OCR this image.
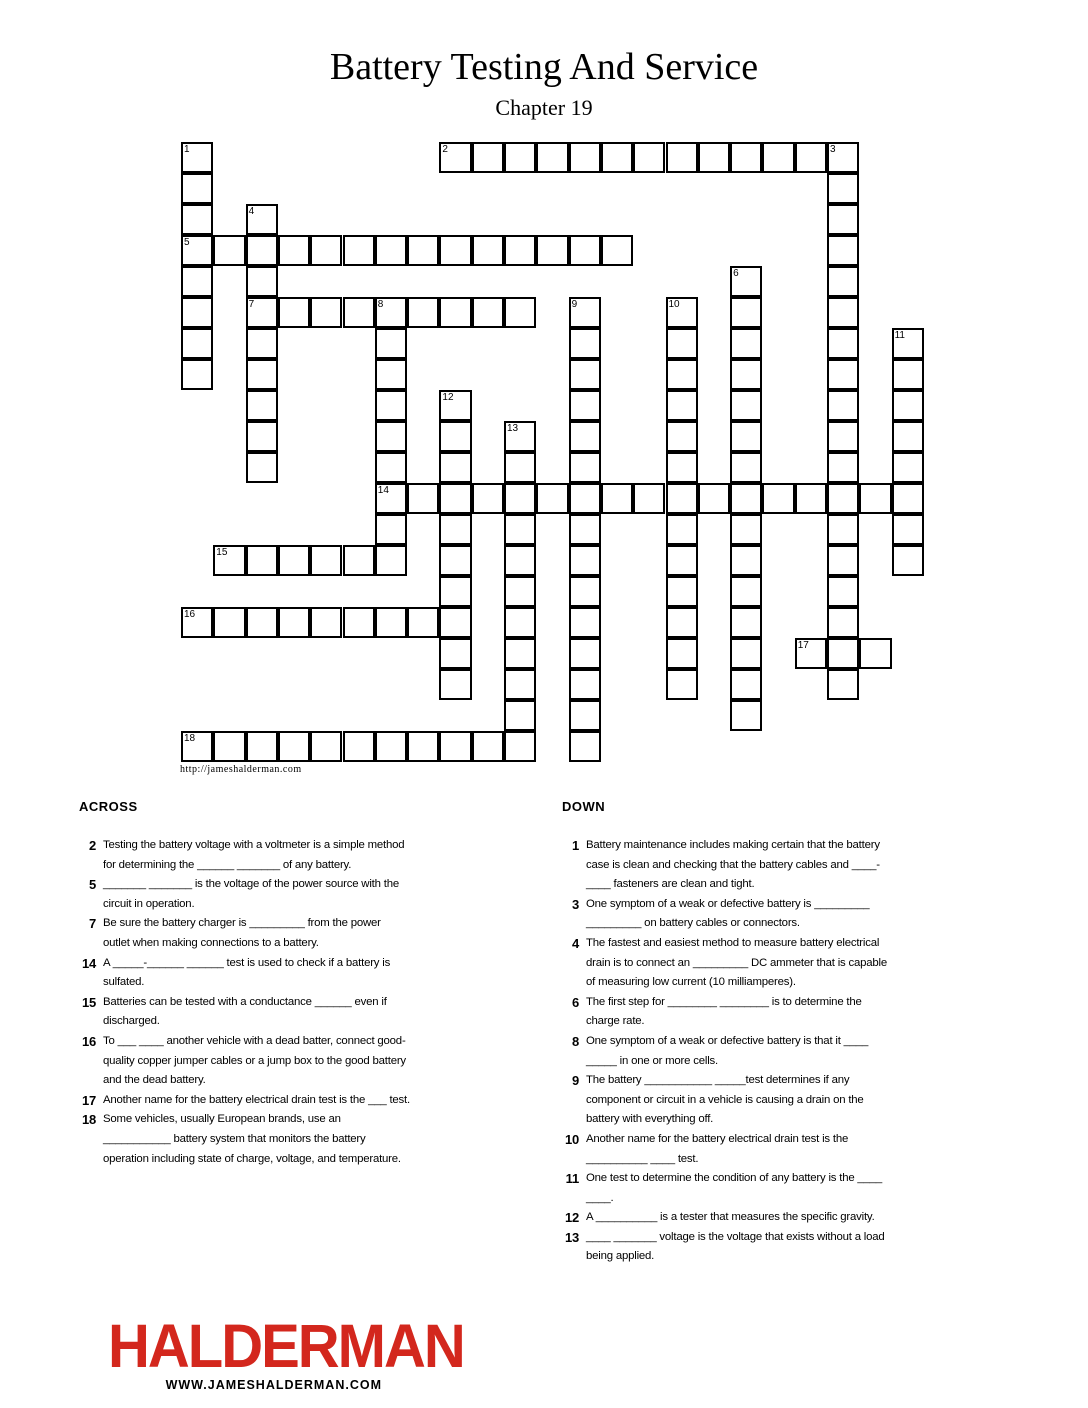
Battery Testing And Service
Chapter 19
2	3
5
7	8
14
15
16
17
18
1
4
6
9	10
11
12
13
http://jameshalderman.com
ACROSS	DOWN
2 Testing the battery voltage with a voltmeter is a simple method for determining the ______ _______ of any battery.
5 _______ _______ is the voltage of the power source with the circuit in operation.
7 Be sure the battery charger is _________ from the power outlet when making connections to a battery.
14 A _____-______ ______ test is used to check if a battery is sulfated.
15 Batteries can be tested with a conductance ______ even if discharged.
16 To ___ ____ another vehicle with a dead batter, connect good-quality copper jumper cables or a jump box to the good battery and the dead battery.
17 Another name for the battery electrical drain test is the ___ test.
18 Some vehicles, usually European brands, use an ___________ battery system that monitors the battery operation including state of charge, voltage, and temperature.
1 Battery maintenance includes making certain that the battery case is clean and checking that the battery cables and ____-____ fasteners are clean and tight.
3 One symptom of a weak or defective battery is _________ _________ on battery cables or connectors.
4 The fastest and easiest method to measure battery electrical drain is to connect an _________ DC ammeter that is capable of measuring low current (10 milliamperes).
6 The first step for ________ ________ is to determine the charge rate.
8 One symptom of a weak or defective battery is that it ____ _____ in one or more cells.
9 The battery ___________ _____test determines if any component or circuit in a vehicle is causing a drain on the battery with everything off.
10 Another name for the battery electrical drain test is the __________ ____ test.
11 One test to determine the condition of any battery is the ____ ____.
12 A __________ is a tester that measures the specific gravity.
13 ____ _______ voltage is the voltage that exists without a load being applied.
HALDERMAN
WWW.JAMESHALDERMAN.COM
